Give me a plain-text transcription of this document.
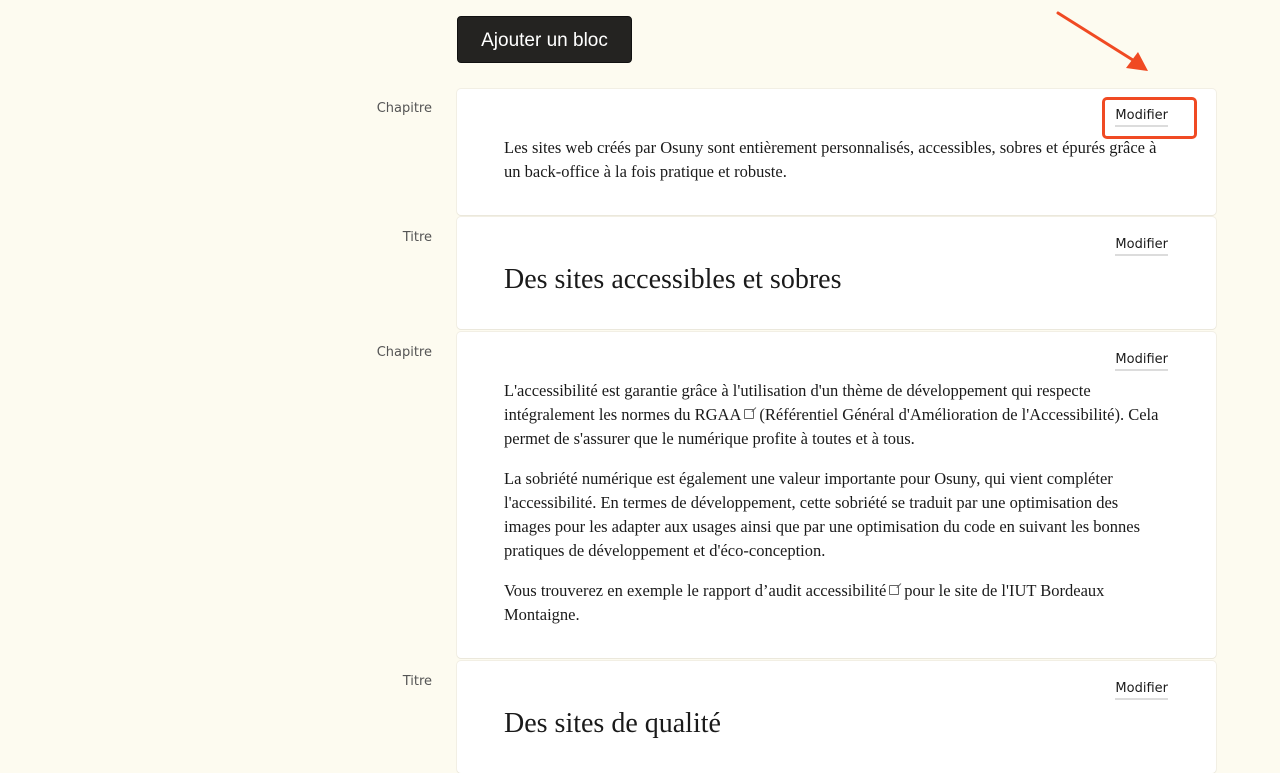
Ajouter un bloc
Chapitre	Modifier

Les sites web créés par Osuny sont entièrement personnalisés, accessibles, sobres et épurés grâce à un back-office à la fois pratique et robuste.

Titre	Modifier
Des sites accessibles et sobres
Chapitre	Modifier

L'accessibilité est garantie grâce à l'utilisation d'un thème de développement qui respecte intégralement les normes du RGAA (Référentiel Général d'Amélioration de l'Accessibilité). Cela permet de s'assurer que le numérique profite à toutes et à tous.

La sobriété numérique est également une valeur importante pour Osuny, qui vient compléter l'accessibilité. En termes de développement, cette sobriété se traduit par une optimisation des images pour les adapter aux usages ainsi que par une optimisation du code en suivant les bonnes pratiques de développement et d'éco-conception.

Vous trouverez en exemple le rapport d’audit accessibilité pour le site de l'IUT Bordeaux Montaigne.

Titre	Modifier
Des sites de qualité
